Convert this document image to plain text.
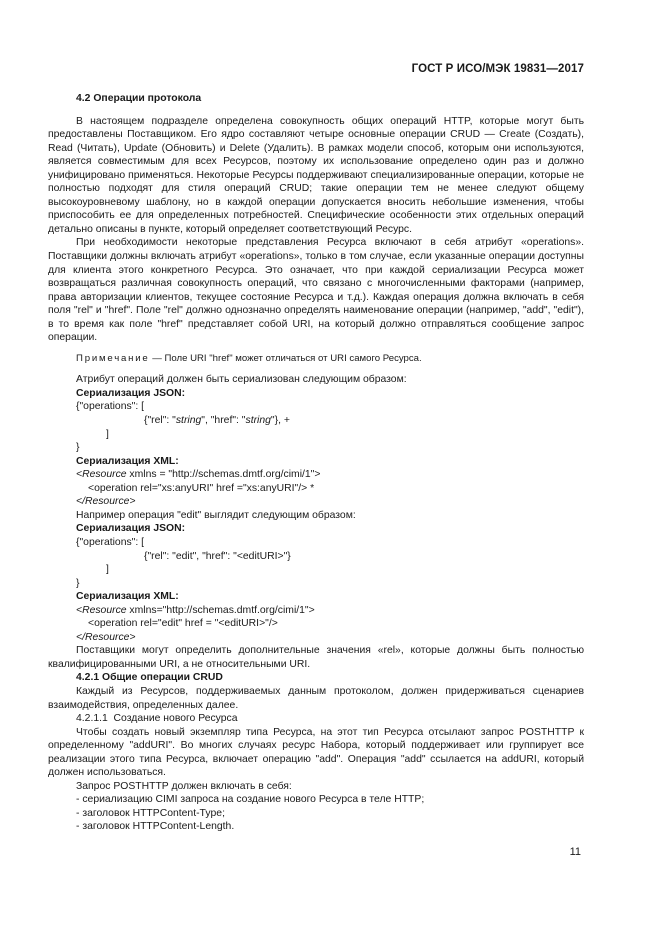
ГОСТ Р ИСО/МЭК 19831—2017

4.2 Операции протокола

В настоящем подразделе определена совокупность общих операций HTTP, которые могут быть предоставлены Поставщиком. Его ядро составляют четыре основные операции CRUD — Create (Создать), Read (Читать), Update (Обновить) и Delete (Удалить). В рамках модели способ, которым они используются, является совместимым для всех Ресурсов, поэтому их использование определено один раз и должно унифицировано применяться. Некоторые Ресурсы поддерживают специализированные операции, которые не полностью подходят для стиля операций CRUD; такие операции тем не менее следуют общему высокоуровневому шаблону, но в каждой операции допускается вносить небольшие изменения, чтобы приспособить ее для определенных потребностей. Специфические особенности этих отдельных операций детально описаны в пункте, который определяет соответствующий Ресурс.

При необходимости некоторые представления Ресурса включают в себя атрибут «operations». Поставщики должны включать атрибут «operations», только в том случае, если указанные операции доступны для клиента этого конкретного Ресурса. Это означает, что при каждой сериализации Ресурса может возвращаться различная совокупность операций, что связано с многочисленными факторами (например, права авторизации клиентов, текущее состояние Ресурса и т.д.). Каждая операция должна включать в себя поля "rel" и "href". Поле "rel" должно однозначно определять наименование операции (например, "add", "edit"), в то время как поле "href" представляет собой URI, на который должно отправляться сообщение запрос операции.

Примечание — Поле URI "href" может отличаться от URI самого Ресурса.

Атрибут операций должен быть сериализован следующим образом:

Сериализация JSON:

{"operations": [

{"rel": "string", "href": "string"}, +

]

}

Сериализация XML:

<Resource xmlns = "http://schemas.dmtf.org/cimi/1">

<operation rel="xs:anyURI" href ="xs:anyURI"/> *

</Resource>

Например операция "edit" выглядит следующим образом:

Сериализация JSON:

{"operations": [

{"rel": "edit", "href": "<editURI>"}

]

}

Сериализация XML:

<Resource xmlns="http://schemas.dmtf.org/cimi/1">

<operation rel="edit" href = "<editURI>"/>

</Resource>

Поставщики могут определить дополнительные значения «rel», которые должны быть полностью квалифицированными URI, а не относительными URI.

4.2.1 Общие операции CRUD

Каждый из Ресурсов, поддерживаемых данным протоколом, должен придерживаться сценариев взаимодействия, определенных далее.

4.2.1.1  Создание нового Ресурса

Чтобы создать новый экземпляр типа Ресурса, на этот тип Ресурса отсылают запрос POSTHTTP к определенному "addURI". Во многих случаях ресурс Набора, который поддерживает или группирует все реализации этого типа Ресурса, включает операцию "add". Операция "add" ссылается на addURI, который должен использоваться.

Запрос POSTHTTP должен включать в себя:

- сериализацию CIMI запроса на создание нового Ресурса в теле HTTP;

- заголовок HTTPContent-Type;

- заголовок HTTPContent-Length.

11
